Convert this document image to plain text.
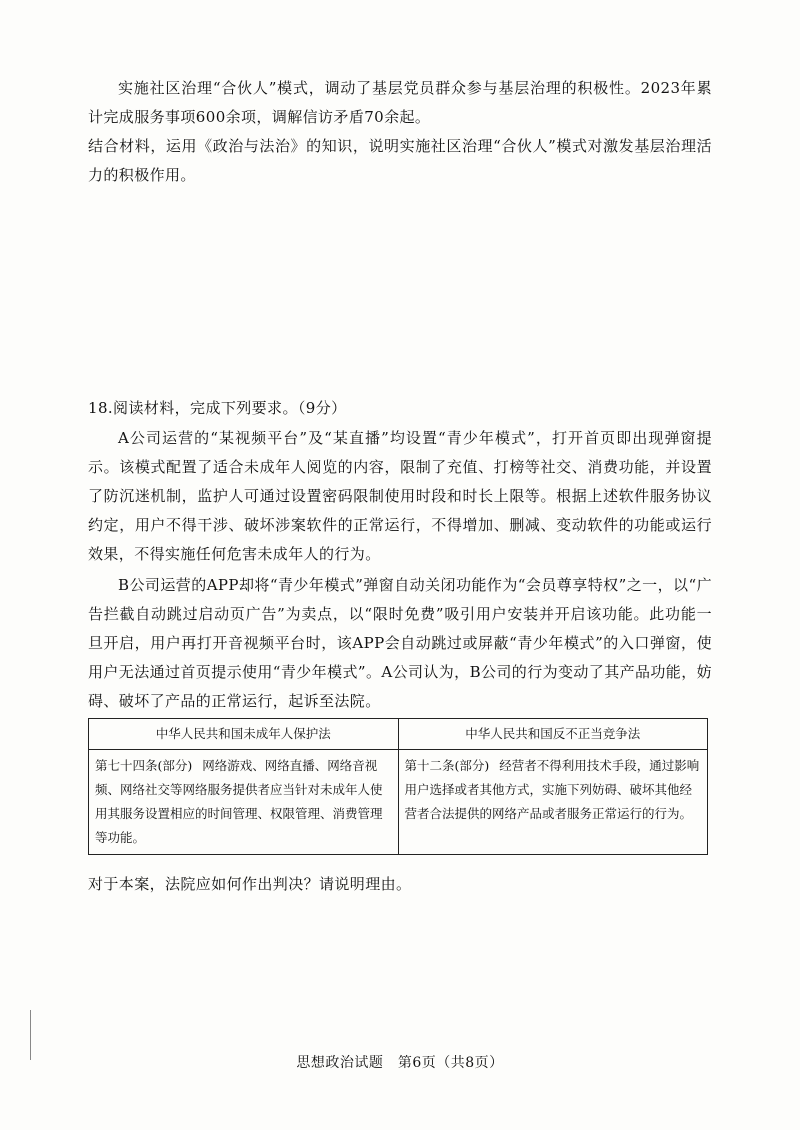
实施社区治理“合伙人”模式，调动了基层党员群众参与基层治理的积极性。2023年累计完成服务事项600余项，调解信访矛盾70余起。
结合材料，运用《政治与法治》的知识，说明实施社区治理“合伙人”模式对激发基层治理活力的积极作用。
18.阅读材料，完成下列要求。（9分）
A公司运营的“某视频平台”及“某直播”均设置“青少年模式”，打开首页即出现弹窗提示。该模式配置了适合未成年人阅览的内容，限制了充值、打榜等社交、消费功能，并设置了防沉迷机制，监护人可通过设置密码限制使用时段和时长上限等。根据上述软件服务协议约定，用户不得干涉、破坏涉案软件的正常运行，不得增加、删减、变动软件的功能或运行效果，不得实施任何危害未成年人的行为。
B公司运营的APP却将“青少年模式”弹窗自动关闭功能作为“会员尊享特权”之一，以“广告拦截自动跳过启动页广告”为卖点，以“限时免费”吸引用户安装并开启该功能。此功能一旦开启，用户再打开音视频平台时，该APP会自动跳过或屏蔽“青少年模式”的入口弹窗，使用户无法通过首页提示使用“青少年模式”。A公司认为，B公司的行为变动了其产品功能，妨碍、破坏了产品的正常运行，起诉至法院。
中华人民共和国未成年人保护法	中华人民共和国反不正当竞争法
第七十四条(部分) 网络游戏、网络直播、网络音视频、网络社交等网络服务提供者应当针对未成年人使用其服务设置相应的时间管理、权限管理、消费管理等功能。	第十二条(部分) 经营者不得利用技术手段，通过影响用户选择或者其他方式，实施下列妨碍、破坏其他经营者合法提供的网络产品或者服务正常运行的行为。
对于本案，法院应如何作出判决？请说明理由。
思想政治试题　第6页（共8页）
